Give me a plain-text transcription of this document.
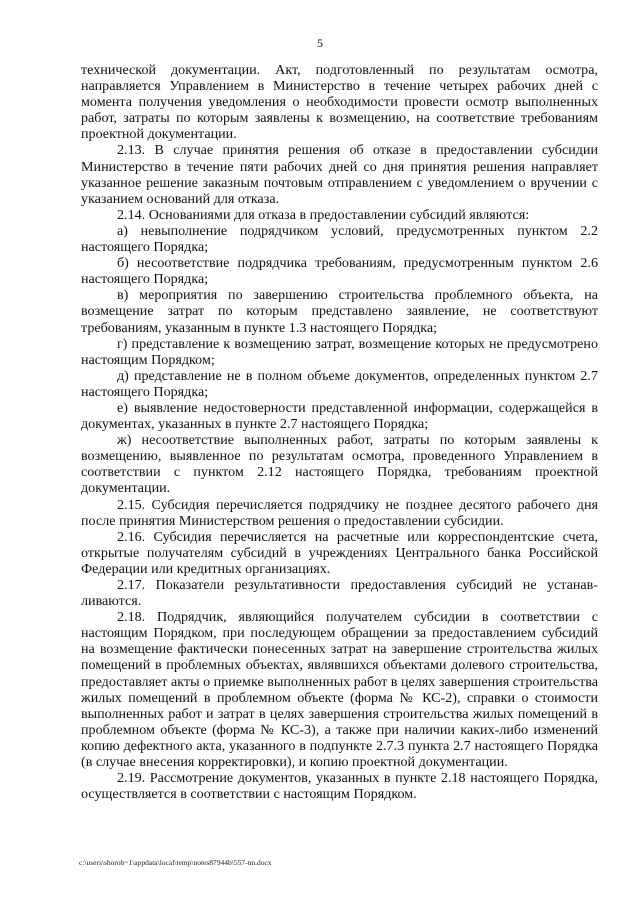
5

технической документации. Акт, подготовленный по результатам осмотра, направляется Управлением в Министерство в течение четырех рабочих дней с момента получения уведомления о необходимости провести осмотр выполненных работ, затраты по которым заявлены к возмещению, на соответствие требованиям проектной документации.

2.13. В случае принятия решения об отказе в предоставлении субсидии Министерство в течение пяти рабочих дней со дня принятия решения направляет указанное решение заказным почтовым отправлением с уведомлением о вручении с указанием оснований для отказа.

2.14. Основаниями для отказа в предоставлении субсидий являются:

а) невыполнение подрядчиком условий, предусмотренных пунктом 2.2 настоящего Порядка;

б) несоответствие подрядчика требованиям, предусмотренным пунктом 2.6 настоящего Порядка;

в) мероприятия по завершению строительства проблемного объекта, на возмещение затрат по которым представлено заявление, не соответствуют требованиям, указанным в пункте 1.3 настоящего Порядка;

г) представление к возмещению затрат, возмещение которых не предусмотрено настоящим Порядком;

д) представление не в полном объеме документов, определенных пунктом 2.7 настоящего Порядка;

е) выявление недостоверности представленной информации, содержащейся в документах, указанных в пункте 2.7 настоящего Порядка;

ж) несоответствие выполненных работ, затраты по которым заявлены к возмещению, выявленное по результатам осмотра, проведенного Управлением в соответствии с пунктом 2.12 настоящего Порядка, требованиям проектной документации.

2.15. Субсидия перечисляется подрядчику не позднее десятого рабочего дня после принятия Министерством решения о предоставлении субсидии.

2.16. Субсидия перечисляется на расчетные или корреспондентские счета, открытые получателям субсидий в учреждениях Центрального банка Российской Федерации или кредитных организациях.

2.17. Показатели результативности предоставления субсидий не устанавливаются.

2.18. Подрядчик, являющийся получателем субсидии в соответствии с настоящим Порядком, при последующем обращении за предоставлением субсидий на возмещение фактически понесенных затрат на завершение строительства жилых помещений в проблемных объектах, являвшихся объектами долевого строительства, предоставляет акты о приемке выполненных работ в целях завершения строительства жилых помещений в проблемном объекте (форма № КС-2), справки о стоимости выполненных работ и затрат в целях завершения строительства жилых помещений в проблемном объекте (форма № КС-3), а также при наличии каких-либо изменений копию дефектного акта, указанного в подпункте 2.7.3 пункта 2.7 настоящего Порядка (в случае внесения корректировки), и копию проектной документации.

2.19. Рассмотрение документов, указанных в пункте 2.18 настоящего Порядка, осуществляется в соответствии с настоящим Порядком.

c:\users\shorob~1\appdata\local\temp\notes87944b\557-nn.docx
